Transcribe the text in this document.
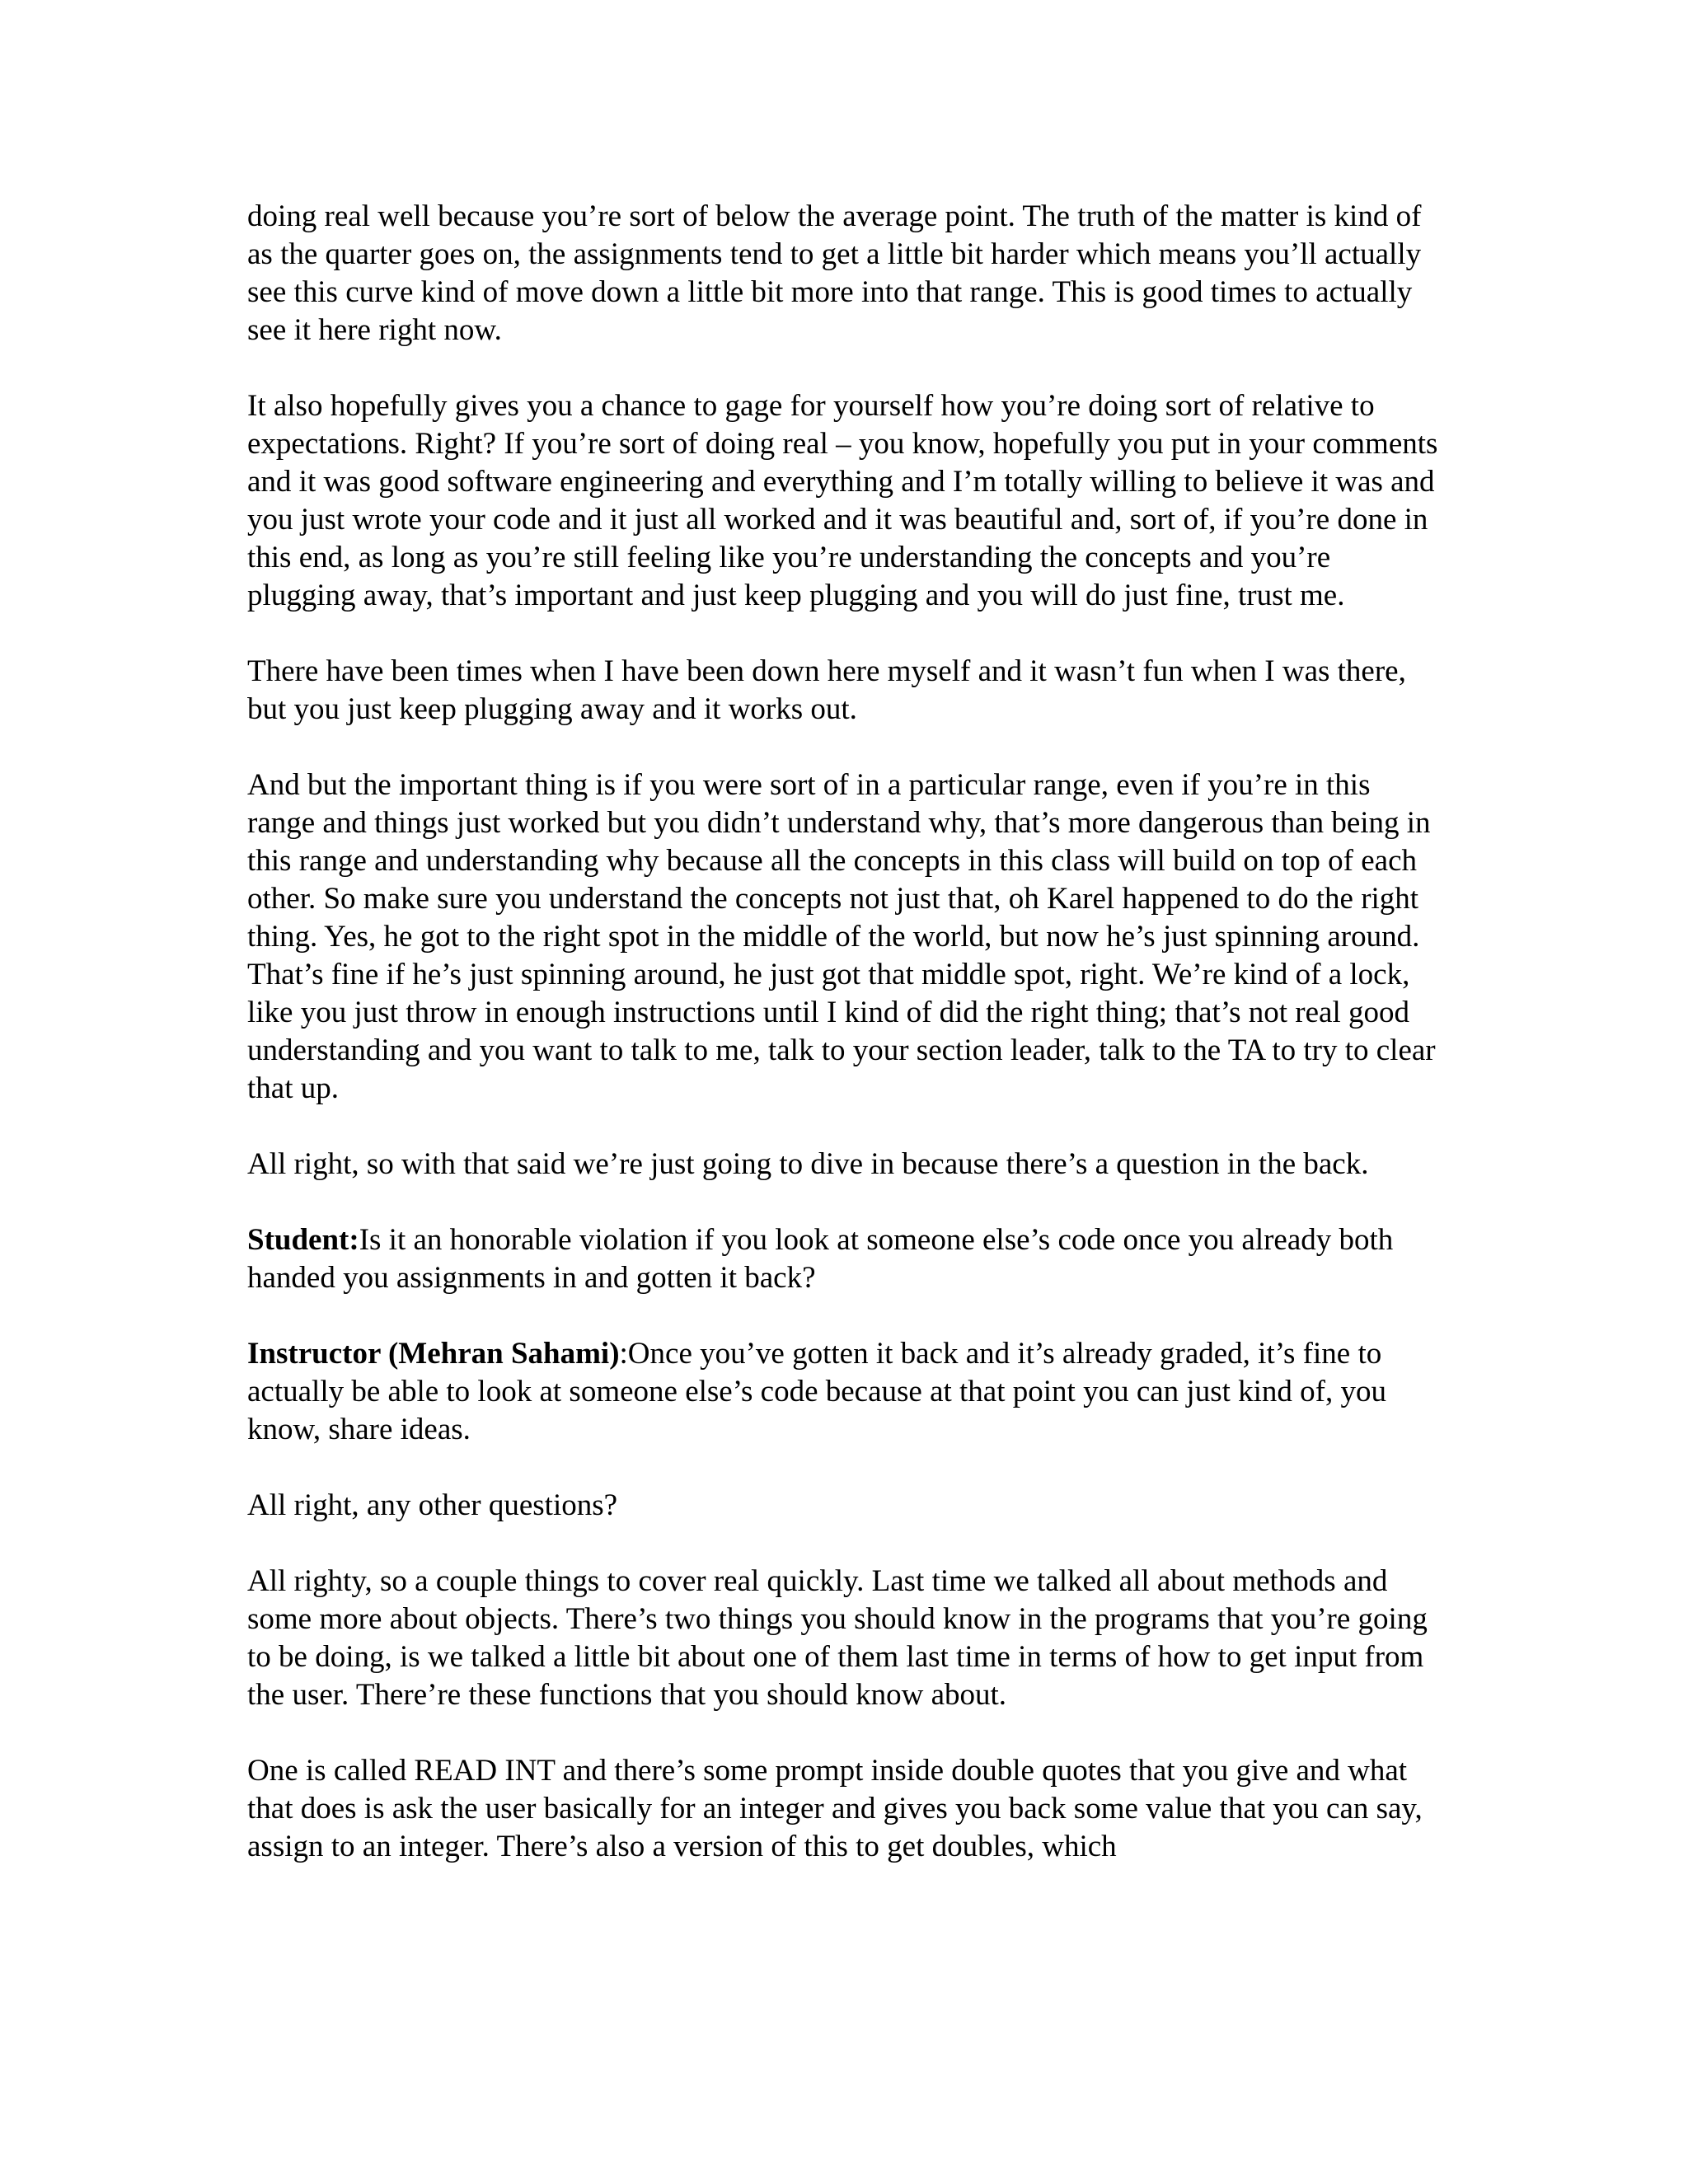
doing real well because you’re sort of below the average point. The truth of the matter is kind of as the quarter goes on, the assignments tend to get a little bit harder which means you’ll actually see this curve kind of move down a little bit more into that range. This is good times to actually see it here right now.

It also hopefully gives you a chance to gage for yourself how you’re doing sort of relative to expectations. Right? If you’re sort of doing real – you know, hopefully you put in your comments and it was good software engineering and everything and I’m totally willing to believe it was and you just wrote your code and it just all worked and it was beautiful and, sort of, if you’re done in this end, as long as you’re still feeling like you’re understanding the concepts and you’re plugging away, that’s important and just keep plugging and you will do just fine, trust me.

There have been times when I have been down here myself and it wasn’t fun when I was there, but you just keep plugging away and it works out.

And but the important thing is if you were sort of in a particular range, even if you’re in this range and things just worked but you didn’t understand why, that’s more dangerous than being in this range and understanding why because all the concepts in this class will build on top of each other. So make sure you understand the concepts not just that, oh Karel happened to do the right thing. Yes, he got to the right spot in the middle of the world, but now he’s just spinning around. That’s fine if he’s just spinning around, he just got that middle spot, right. We’re kind of a lock, like you just throw in enough instructions until I kind of did the right thing; that’s not real good understanding and you want to talk to me, talk to your section leader, talk to the TA to try to clear that up.

All right, so with that said we’re just going to dive in because there’s a question in the back.

Student:Is it an honorable violation if you look at someone else’s code once you already both handed you assignments in and gotten it back?

Instructor (Mehran Sahami):Once you’ve gotten it back and it’s already graded, it’s fine to actually be able to look at someone else’s code because at that point you can just kind of, you know, share ideas.

All right, any other questions?

All righty, so a couple things to cover real quickly. Last time we talked all about methods and some more about objects. There’s two things you should know in the programs that you’re going to be doing, is we talked a little bit about one of them last time in terms of how to get input from the user. There’re these functions that you should know about.

One is called READ INT and there’s some prompt inside double quotes that you give and what that does is ask the user basically for an integer and gives you back some value that you can say, assign to an integer. There’s also a version of this to get doubles, which
